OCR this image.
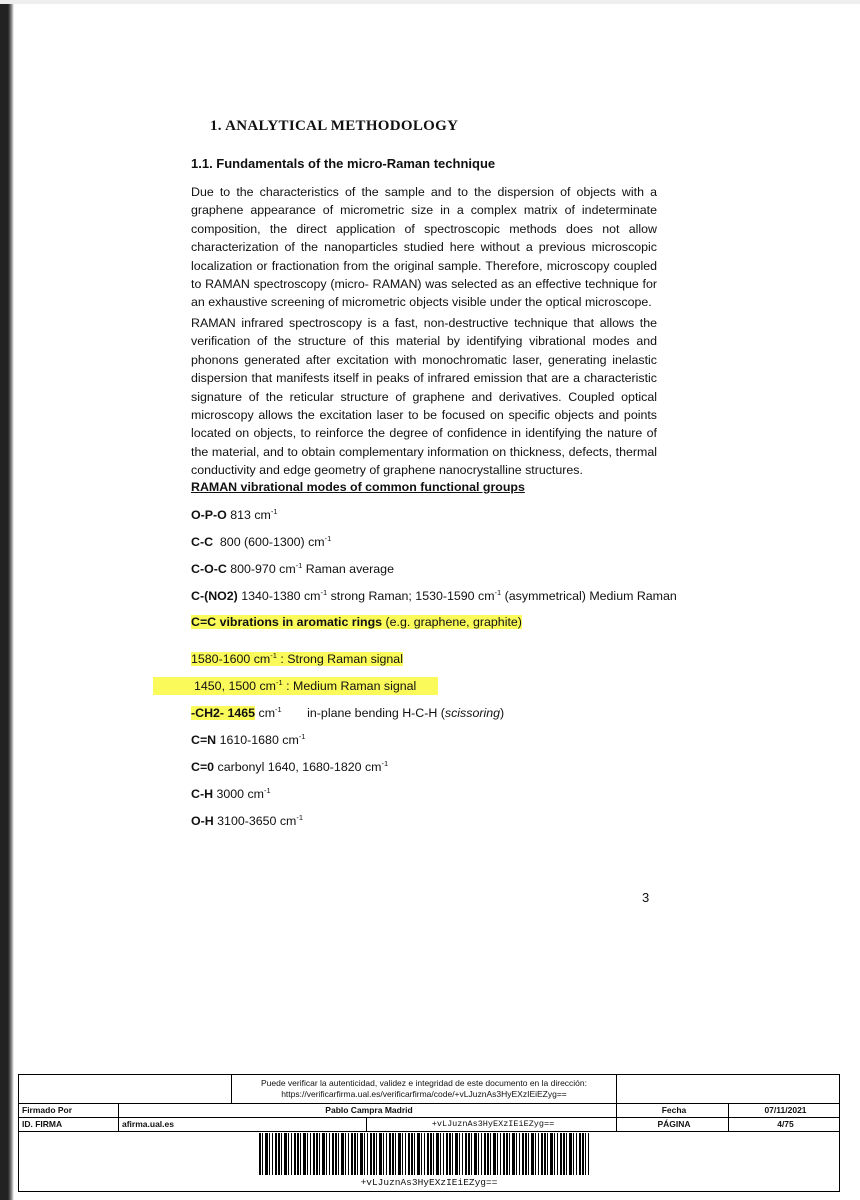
1. ANALYTICAL METHODOLOGY
1.1. Fundamentals of the micro-Raman technique
Due to the characteristics of the sample and to the dispersion of objects with a graphene appearance of micrometric size in a complex matrix of indeterminate composition, the direct application of spectroscopic methods does not allow characterization of the nanoparticles studied here without a previous microscopic localization or fractionation from the original sample. Therefore, microscopy coupled to RAMAN spectroscopy (micro- RAMAN) was selected as an effective technique for an exhaustive screening of micrometric objects visible under the optical microscope.
RAMAN infrared spectroscopy is a fast, non-destructive technique that allows the verification of the structure of this material by identifying vibrational modes and phonons generated after excitation with monochromatic laser, generating inelastic dispersion that manifests itself in peaks of infrared emission that are a characteristic signature of the reticular structure of graphene and derivatives. Coupled optical microscopy allows the excitation laser to be focused on specific objects and points located on objects, to reinforce the degree of confidence in identifying the nature of the material, and to obtain complementary information on thickness, defects, thermal conductivity and edge geometry of graphene nanocrystalline structures.
RAMAN vibrational modes of common functional groups
O-P-O 813 $cm^{-1}$
C-C  800 (600-1300) $cm^{-1}$
C-O-C 800-970 $cm^{-1}$ Raman average
C-(NO2) 1340-1380 $cm^{-1}$ strong Raman; 1530-1590 $cm^{-1}$ (asymmetrical) Medium Raman
C=C vibrations in aromatic rings (e.g. graphene, graphite)
1580-1600 $cm^{-1}$ : Strong Raman signal
1450, 1500 $cm^{-1}$ : Medium Raman signal
-CH2- 1465 $cm^{-1}$ in-plane bending H-C-H (scissoring)
C=N 1610-1680 $cm^{-1}$
C=0 carbonyl 1640, 1680-1820 $cm^{-1}$
C-H 3000 $cm^{-1}$
O-H 3100-3650 $cm^{-1}$
3
Puede verificar la autenticidad, validez e integridad de este documento en la dirección:
https://verificarfirma.ual.es/verificarfirma/code/+vLJuznAs3HyEXzIEiEZyg==
Firmado Por	Pablo Campra Madrid	Fecha	07/11/2021
ID. FIRMA	afirma.ual.es	+vLJuznAs3HyEXzIEiEZyg==	PÁGINA	4/75
+vLJuznAs3HyEXzIEiEZyg==
